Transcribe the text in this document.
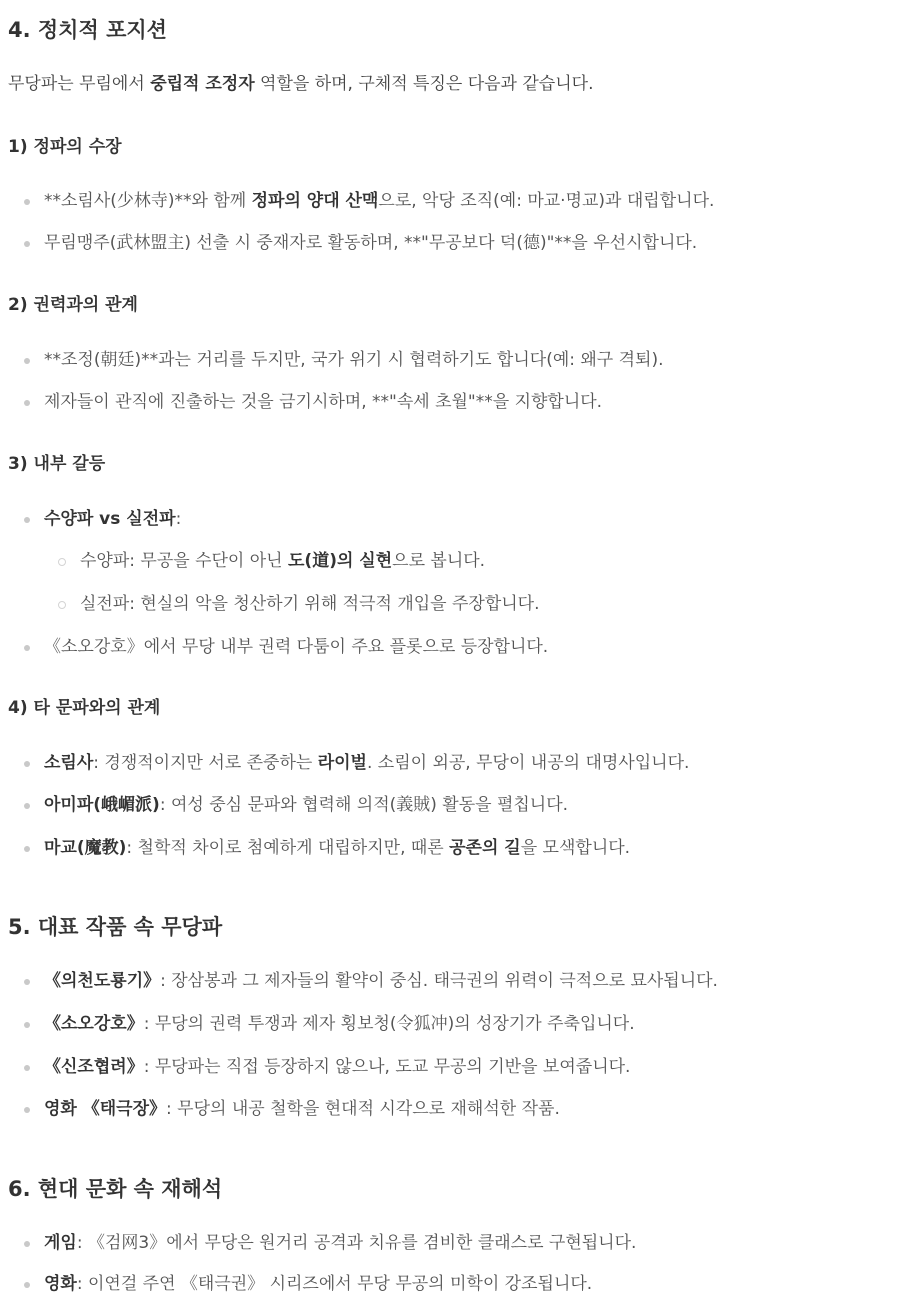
4. 정치적 포지션

무당파는 무림에서 중립적 조정자 역할을 하며, 구체적 특징은 다음과 같습니다.

1) 정파의 수장
**소림사(少林寺)**와 함께 정파의 양대 산맥으로, 악당 조직(예: 마교·명교)과 대립합니다.
무림맹주(武林盟主) 선출 시 중재자로 활동하며, **"무공보다 덕(德)"**을 우선시합니다.
2) 권력과의 관계
**조정(朝廷)**과는 거리를 두지만, 국가 위기 시 협력하기도 합니다(예: 왜구 격퇴).
제자들이 관직에 진출하는 것을 금기시하며, **"속세 초월"**을 지향합니다.
3) 내부 갈등
수양파 vs 실전파:
수양파: 무공을 수단이 아닌 도(道)의 실현으로 봅니다.
실전파: 현실의 악을 청산하기 위해 적극적 개입을 주장합니다.
《소오강호》에서 무당 내부 권력 다툼이 주요 플롯으로 등장합니다.
4) 타 문파와의 관계
소림사: 경쟁적이지만 서로 존중하는 라이벌. 소림이 외공, 무당이 내공의 대명사입니다.
아미파(峨嵋派): 여성 중심 문파와 협력해 의적(義賊) 활동을 펼칩니다.
마교(魔教): 철학적 차이로 첨예하게 대립하지만, 때론 공존의 길을 모색합니다.
5. 대표 작품 속 무당파
《의천도룡기》: 장삼봉과 그 제자들의 활약이 중심. 태극권의 위력이 극적으로 묘사됩니다.
《소오강호》: 무당의 권력 투쟁과 제자 횡보청(令狐冲)의 성장기가 주축입니다.
《신조협려》: 무당파는 직접 등장하지 않으나, 도교 무공의 기반을 보여줍니다.
영화 《태극장》: 무당의 내공 철학을 현대적 시각으로 재해석한 작품.
6. 현대 문화 속 재해석
게임: 《검网3》에서 무당은 원거리 공격과 치유를 겸비한 클래스로 구현됩니다.
영화: 이연걸 주연 《태극권》 시리즈에서 무당 무공의 미학이 강조됩니다.
